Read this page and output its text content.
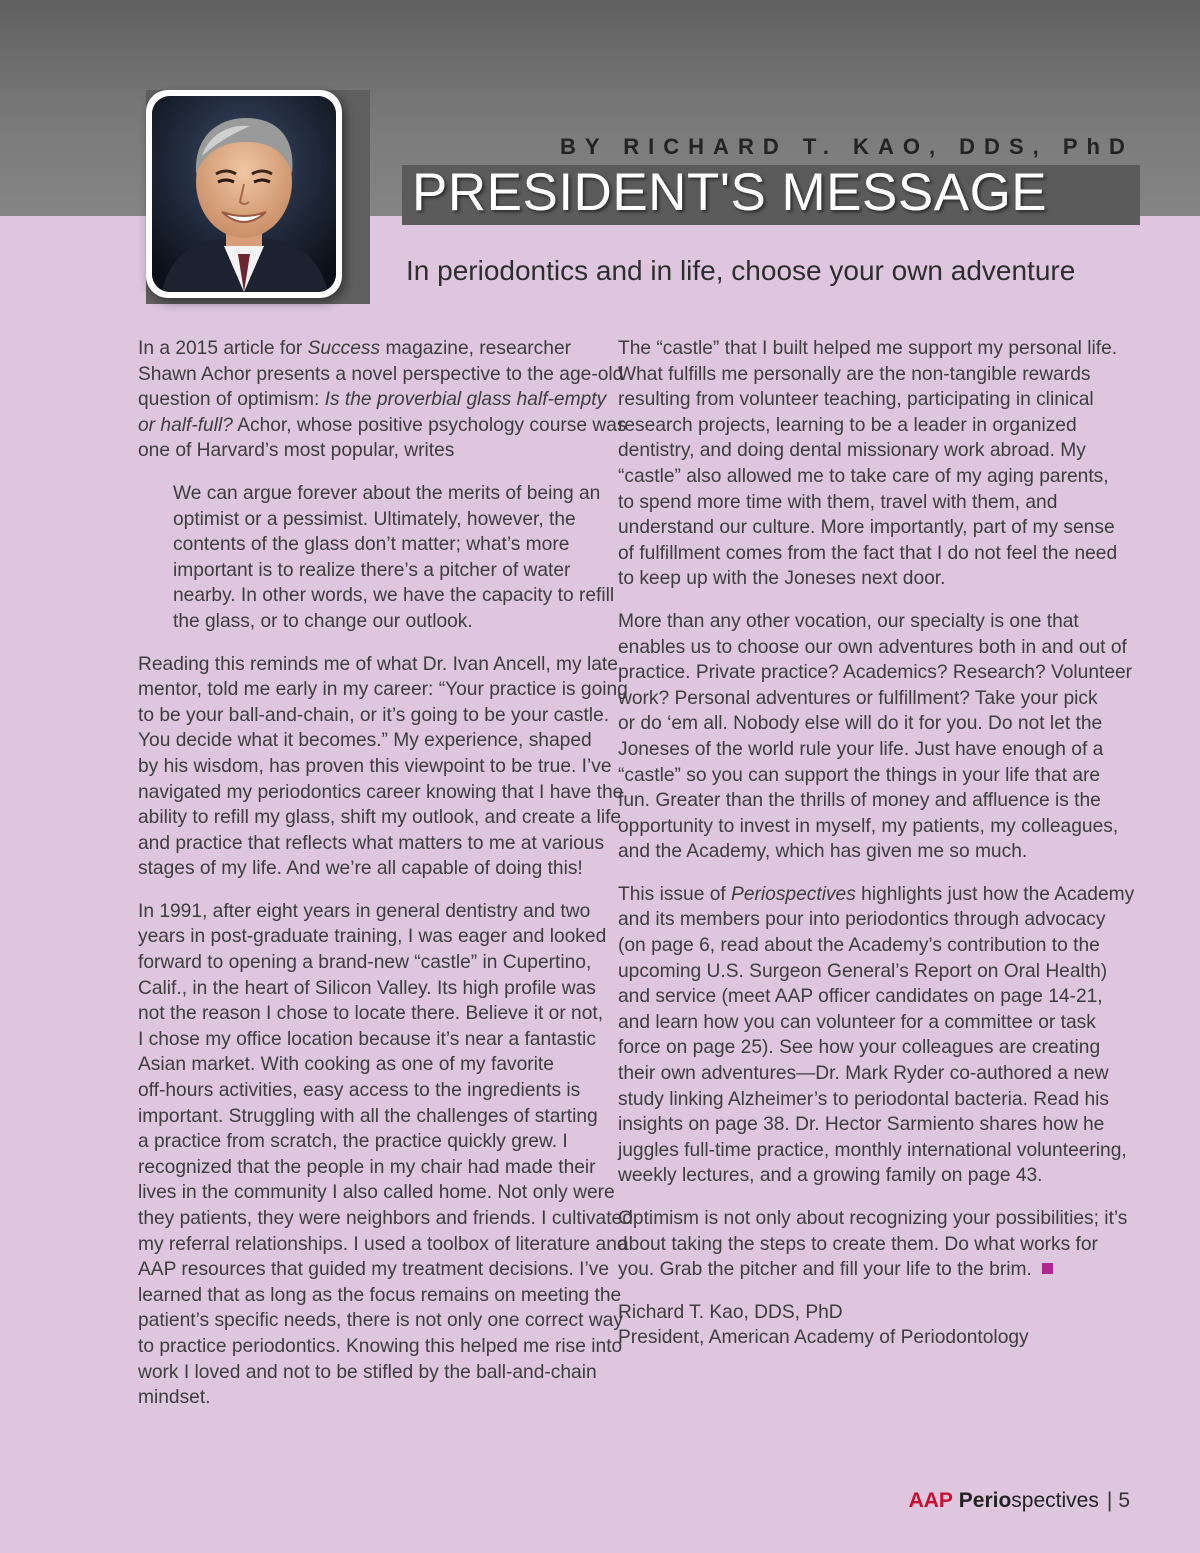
BY RICHARD T. KAO, DDS, PhD

PRESIDENT'S MESSAGE
In periodontics and in life, choose your own adventure

In a 2015 article for Success magazine, researcher
Shawn Achor presents a novel perspective to the age-old
question of optimism: Is the proverbial glass half-empty
or half-full? Achor, whose positive psychology course was
one of Harvard’s most popular, writes

We can argue forever about the merits of being an
optimist or a pessimist. Ultimately, however, the
contents of the glass don’t matter; what’s more
important is to realize there’s a pitcher of water
nearby. In other words, we have the capacity to refill
the glass, or to change our outlook.

Reading this reminds me of what Dr. Ivan Ancell, my late
mentor, told me early in my career: “Your practice is going
to be your ball-and-chain, or it’s going to be your castle.
You decide what it becomes.” My experience, shaped
by his wisdom, has proven this viewpoint to be true. I’ve
navigated my periodontics career knowing that I have the
ability to refill my glass, shift my outlook, and create a life
and practice that reflects what matters to me at various
stages of my life. And we’re all capable of doing this!

In 1991, after eight years in general dentistry and two
years in post-graduate training, I was eager and looked
forward to opening a brand-new “castle” in Cupertino,
Calif., in the heart of Silicon Valley. Its high profile was
not the reason I chose to locate there. Believe it or not,
I chose my office location because it’s near a fantastic
Asian market. With cooking as one of my favorite
off-hours activities, easy access to the ingredients is
important. Struggling with all the challenges of starting
a practice from scratch, the practice quickly grew. I
recognized that the people in my chair had made their
lives in the community I also called home. Not only were
they patients, they were neighbors and friends. I cultivated
my referral relationships. I used a toolbox of literature and
AAP resources that guided my treatment decisions. I’ve
learned that as long as the focus remains on meeting the
patient’s specific needs, there is not only one correct way
to practice periodontics. Knowing this helped me rise into
work I loved and not to be stifled by the ball-and-chain
mindset.

The “castle” that I built helped me support my personal life.
What fulfills me personally are the non-tangible rewards
resulting from volunteer teaching, participating in clinical
research projects, learning to be a leader in organized
dentistry, and doing dental missionary work abroad. My
“castle” also allowed me to take care of my aging parents,
to spend more time with them, travel with them, and
understand our culture. More importantly, part of my sense
of fulfillment comes from the fact that I do not feel the need
to keep up with the Joneses next door.

More than any other vocation, our specialty is one that
enables us to choose our own adventures both in and out of
practice. Private practice? Academics? Research? Volunteer
work? Personal adventures or fulfillment? Take your pick
or do ‘em all. Nobody else will do it for you. Do not let the
Joneses of the world rule your life. Just have enough of a
“castle” so you can support the things in your life that are
fun. Greater than the thrills of money and affluence is the
opportunity to invest in myself, my patients, my colleagues,
and the Academy, which has given me so much.

This issue of Periospectives highlights just how the Academy
and its members pour into periodontics through advocacy
(on page 6, read about the Academy’s contribution to the
upcoming U.S. Surgeon General’s Report on Oral Health)
and service (meet AAP officer candidates on page 14-21,
and learn how you can volunteer for a committee or task
force on page 25). See how your colleagues are creating
their own adventures—Dr. Mark Ryder co-authored a new
study linking Alzheimer’s to periodontal bacteria. Read his
insights on page 38. Dr. Hector Sarmiento shares how he
juggles full-time practice, monthly international volunteering,
weekly lectures, and a growing family on page 43.

Optimism is not only about recognizing your possibilities; it’s
about taking the steps to create them. Do what works for
you. Grab the pitcher and fill your life to the brim.

Richard T. Kao, DDS, PhD
President, American Academy of Periodontology

AAP Periospectives | 5
